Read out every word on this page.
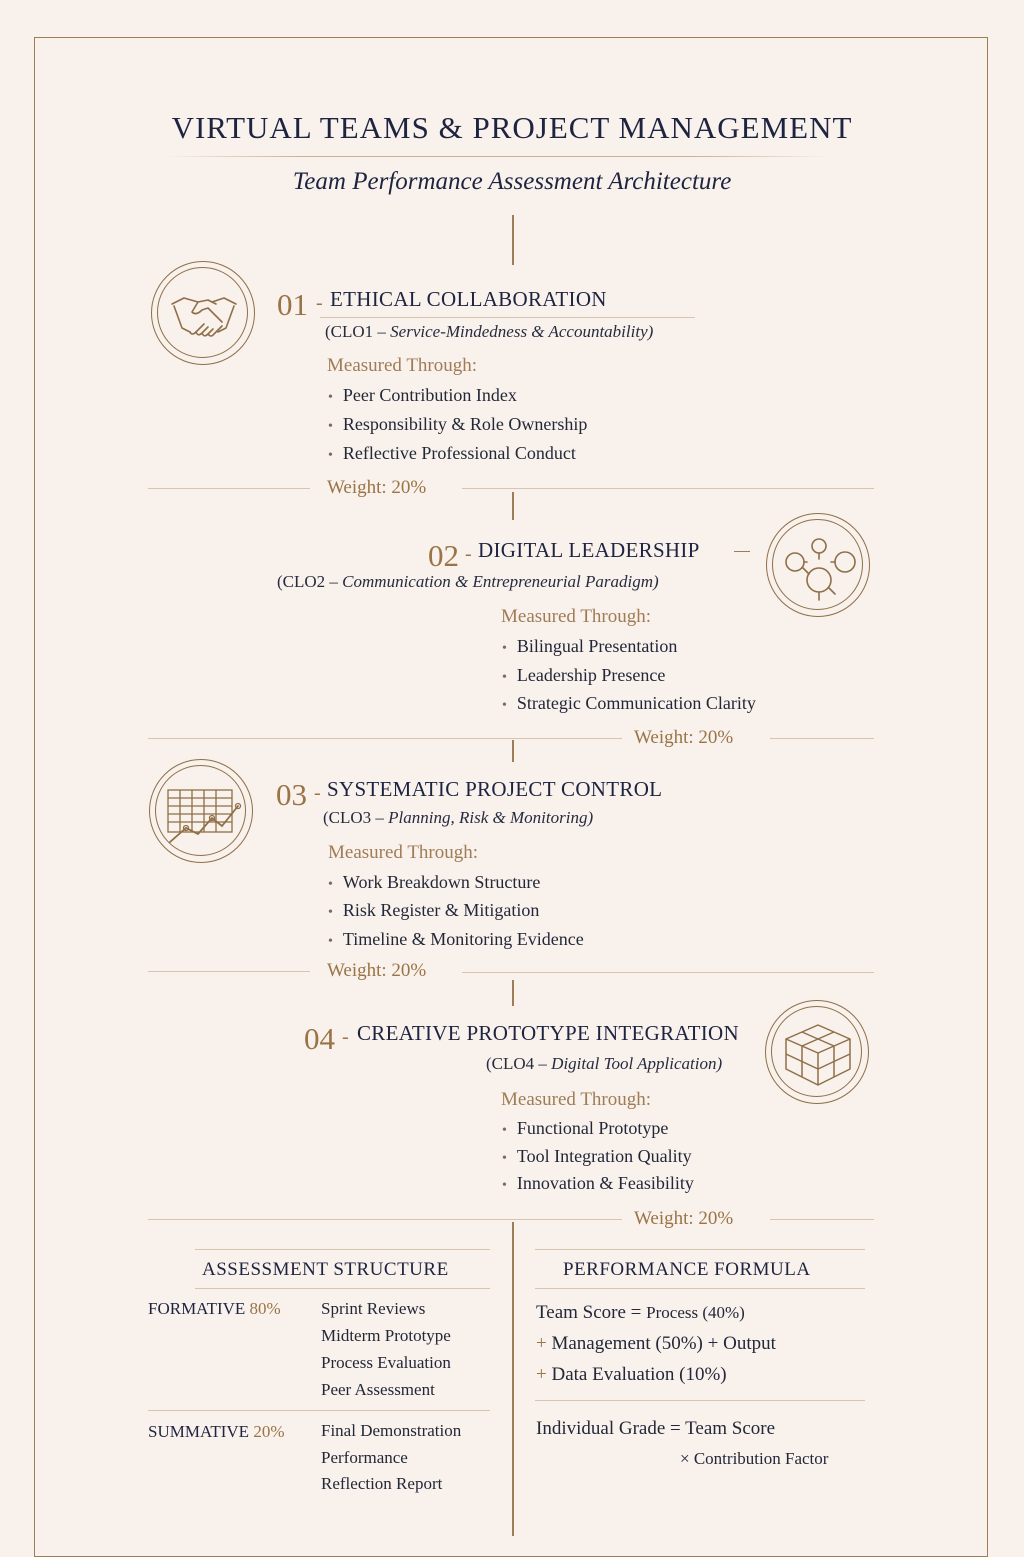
VIRTUAL TEAMS & PROJECT MANAGEMENT
Team Performance Assessment Architecture
01 - ETHICAL COLLABORATION
(CLO1 – Service-Mindedness & Accountability)
Measured Through:
• Peer Contribution Index
• Responsibility & Role Ownership
• Reflective Professional Conduct
Weight: 20%
02 - DIGITAL LEADERSHIP
(CLO2 – Communication & Entrepreneurial Paradigm)
Measured Through:
• Bilingual Presentation
• Leadership Presence
• Strategic Communication Clarity
Weight: 20%
03 - SYSTEMATIC PROJECT CONTROL
(CLO3 – Planning, Risk & Monitoring)
Measured Through:
• Work Breakdown Structure
• Risk Register & Mitigation
• Timeline & Monitoring Evidence
Weight: 20%
04 - CREATIVE PROTOTYPE INTEGRATION
(CLO4 – Digital Tool Application)
Measured Through:
• Functional Prototype
• Tool Integration Quality
• Innovation & Feasibility
Weight: 20%
ASSESSMENT STRUCTURE
FORMATIVE 80% Sprint Reviews
Midterm Prototype
Process Evaluation
Peer Assessment
SUMMATIVE 20% Final Demonstration
Performance
Reflection Report
PERFORMANCE FORMULA
Team Score = Process (40%)
+ Management (50%) + Output
+ Data Evaluation (10%)
Individual Grade = Team Score
× Contribution Factor
